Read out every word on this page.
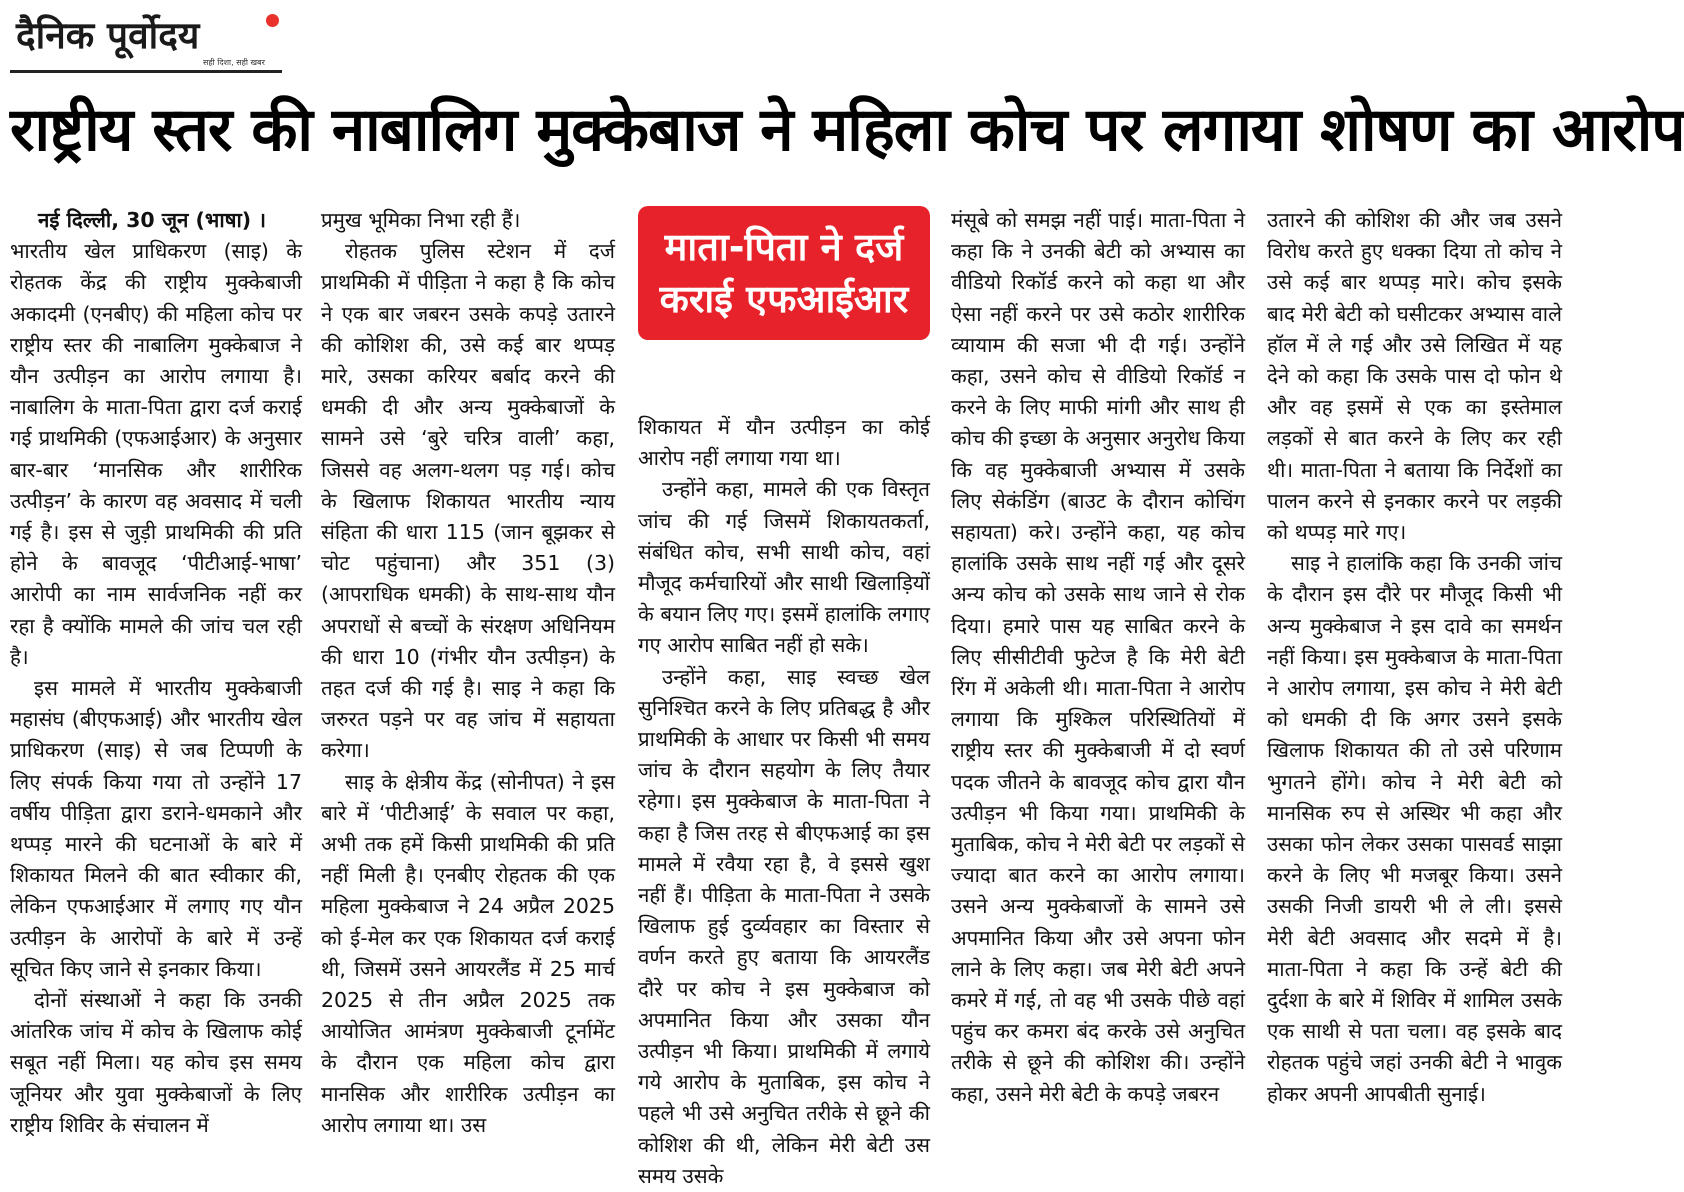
दैनिक पूर्वोदय
सही दिशा, सही खबर
राष्ट्रीय स्तर की नाबालिग मुक्केबाज ने महिला कोच पर लगाया शोषण का आरोप
माता-पिता ने दर्ज कराई एफआईआर

नई दिल्ली, 30 जून (भाषा) ।

भारतीय खेल प्राधिकरण (साइ) के रोहतक केंद्र की राष्ट्रीय मुक्केबाजी अकादमी (एनबीए) की महिला कोच पर राष्ट्रीय स्तर की नाबालिग मुक्केबाज ने यौन उत्पीड़न का आरोप लगाया है। नाबालिग के माता-पिता द्वारा दर्ज कराई गई प्राथमिकी (एफआईआर) के अनुसार बार-बार ‘मानसिक और शारीरिक उत्पीड़न’ के कारण वह अवसाद में चली गई है। इस से जुड़ी प्राथमिकी की प्रति होने के बावजूद ‘पीटीआई-भाषा’ आरोपी का नाम सार्वजनिक नहीं कर रहा है क्योंकि मामले की जांच चल रही है।

इस मामले में भारतीय मुक्केबाजी महासंघ (बीएफआई) और भारतीय खेल प्राधिकरण (साइ) से जब टिप्पणी के लिए संपर्क किया गया तो उन्होंने 17 वर्षीय पीड़िता द्वारा डराने-धमकाने और थप्पड़ मारने की घटनाओं के बारे में शिकायत मिलने की बात स्वीकार की, लेकिन एफआईआर में लगाए गए यौन उत्पीड़न के आरोपों के बारे में उन्हें सूचित किए जाने से इनकार किया।

दोनों संस्थाओं ने कहा कि उनकी आंतरिक जांच में कोच के खिलाफ कोई सबूत नहीं मिला। यह कोच इस समय जूनियर और युवा मुक्केबाजों के लिए राष्ट्रीय शिविर के संचालन में

प्रमुख भूमिका निभा रही हैं।

रोहतक पुलिस स्टेशन में दर्ज प्राथमिकी में पीड़िता ने कहा है कि कोच ने एक बार जबरन उसके कपड़े उतारने की कोशिश की, उसे कई बार थप्पड़ मारे, उसका करियर बर्बाद करने की धमकी दी और अन्य मुक्केबाजों के सामने उसे ‘बुरे चरित्र वाली’ कहा, जिससे वह अलग-थलग पड़ गई। कोच के खिलाफ शिकायत भारतीय न्याय संहिता की धारा 115 (जान बूझकर से चोट पहुंचाना) और 351 (3) (आपराधिक धमकी) के साथ-साथ यौन अपराधों से बच्चों के संरक्षण अधिनियम की धारा 10 (गंभीर यौन उत्पीड़न) के तहत दर्ज की गई है। साइ ने कहा कि जरुरत पड़ने पर वह जांच में सहायता करेगा।

साइ के क्षेत्रीय केंद्र (सोनीपत) ने इस बारे में ‘पीटीआई’ के सवाल पर कहा, अभी तक हमें किसी प्राथमिकी की प्रति नहीं मिली है। एनबीए रोहतक की एक महिला मुक्केबाज ने 24 अप्रैल 2025 को ई-मेल कर एक शिकायत दर्ज कराई थी, जिसमें उसने आयरलैंड में 25 मार्च 2025 से तीन अप्रैल 2025 तक आयोजित आमंत्रण मुक्केबाजी टूर्नामेंट के दौरान एक महिला कोच द्वारा मानसिक और शारीरिक उत्पीड़न का आरोप लगाया था। उस

शिकायत में यौन उत्पीड़न का कोई आरोप नहीं लगाया गया था।

उन्होंने कहा, मामले की एक विस्तृत जांच की गई जिसमें शिकायतकर्ता, संबंधित कोच, सभी साथी कोच, वहां मौजूद कर्मचारियों और साथी खिलाड़ियों के बयान लिए गए। इसमें हालांकि लगाए गए आरोप साबित नहीं हो सके।

उन्होंने कहा, साइ स्वच्छ खेल सुनिश्चित करने के लिए प्रतिबद्ध है और प्राथमिकी के आधार पर किसी भी समय जांच के दौरान सहयोग के लिए तैयार रहेगा। इस मुक्केबाज के माता-पिता ने कहा है जिस तरह से बीएफआई का इस मामले में रवैया रहा है, वे इससे खुश नहीं हैं। पीड़िता के माता-पिता ने उसके खिलाफ हुई दुर्व्यवहार का विस्तार से वर्णन करते हुए बताया कि आयरलैंड दौरे पर कोच ने इस मुक्केबाज को अपमानित किया और उसका यौन उत्पीड़न भी किया। प्राथमिकी में लगाये गये आरोप के मुताबिक, इस कोच ने पहले भी उसे अनुचित तरीके से छूने की कोशिश की थी, लेकिन मेरी बेटी उस समय उसके

मंसूबे को समझ नहीं पाई। माता-पिता ने कहा कि ने उनकी बेटी को अभ्यास का वीडियो रिकॉर्ड करने को कहा था और ऐसा नहीं करने पर उसे कठोर शारीरिक व्यायाम की सजा भी दी गई। उन्होंने कहा, उसने कोच से वीडियो रिकॉर्ड न करने के लिए माफी मांगी और साथ ही कोच की इच्छा के अनुसार अनुरोध किया कि वह मुक्केबाजी अभ्यास में उसके लिए सेकंडिंग (बाउट के दौरान कोचिंग सहायता) करे। उन्होंने कहा, यह कोच हालांकि उसके साथ नहीं गई और दूसरे अन्य कोच को उसके साथ जाने से रोक दिया। हमारे पास यह साबित करने के लिए सीसीटीवी फुटेज है कि मेरी बेटी रिंग में अकेली थी। माता-पिता ने आरोप लगाया कि मुश्किल परिस्थितियों में राष्ट्रीय स्तर की मुक्केबाजी में दो स्वर्ण पदक जीतने के बावजूद कोच द्वारा यौन उत्पीड़न भी किया गया। प्राथमिकी के मुताबिक, कोच ने मेरी बेटी पर लड़कों से ज्यादा बात करने का आरोप लगाया। उसने अन्य मुक्केबाजों के सामने उसे अपमानित किया और उसे अपना फोन लाने के लिए कहा। जब मेरी बेटी अपने कमरे में गई, तो वह भी उसके पीछे वहां पहुंच कर कमरा बंद करके उसे अनुचित तरीके से छूने की कोशिश की। उन्होंने कहा, उसने मेरी बेटी के कपड़े जबरन

उतारने की कोशिश की और जब उसने विरोध करते हुए धक्का दिया तो कोच ने उसे कई बार थप्पड़ मारे। कोच इसके बाद मेरी बेटी को घसीटकर अभ्यास वाले हॉल में ले गई और उसे लिखित में यह देने को कहा कि उसके पास दो फोन थे और वह इसमें से एक का इस्तेमाल लड़कों से बात करने के लिए कर रही थी। माता-पिता ने बताया कि निर्देशों का पालन करने से इनकार करने पर लड़की को थप्पड़ मारे गए।

साइ ने हालांकि कहा कि उनकी जांच के दौरान इस दौरे पर मौजूद किसी भी अन्य मुक्केबाज ने इस दावे का समर्थन नहीं किया। इस मुक्केबाज के माता-पिता ने आरोप लगाया, इस कोच ने मेरी बेटी को धमकी दी कि अगर उसने इसके खिलाफ शिकायत की तो उसे परिणाम भुगतने होंगे। कोच ने मेरी बेटी को मानसिक रुप से अस्थिर भी कहा और उसका फोन लेकर उसका पासवर्ड साझा करने के लिए भी मजबूर किया। उसने उसकी निजी डायरी भी ले ली। इससे मेरी बेटी अवसाद और सदमे में है। माता-पिता ने कहा कि उन्हें बेटी की दुर्दशा के बारे में शिविर में शामिल उसके एक साथी से पता चला। वह इसके बाद रोहतक पहुंचे जहां उनकी बेटी ने भावुक होकर अपनी आपबीती सुनाई।
